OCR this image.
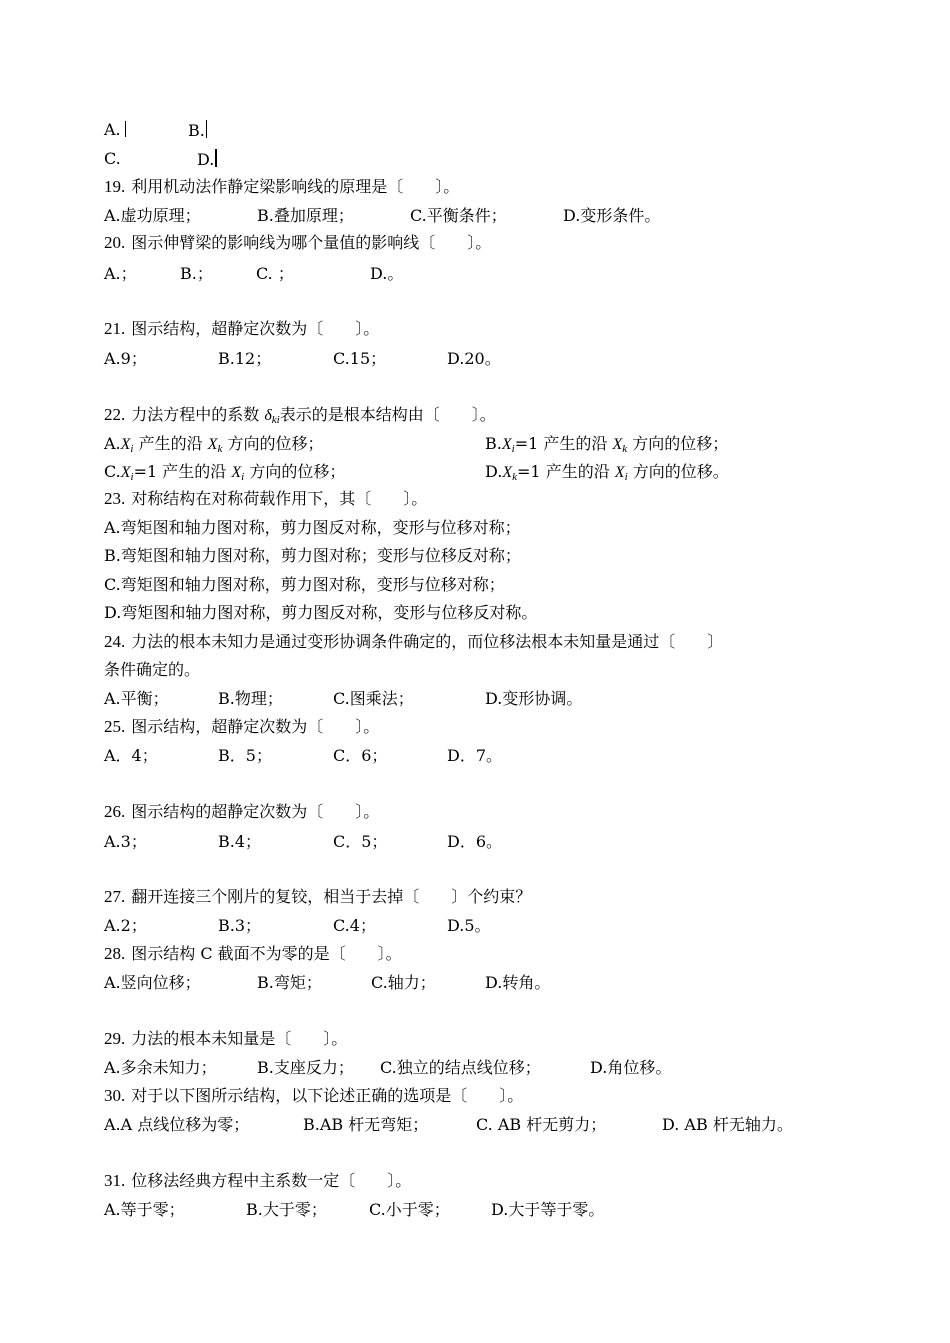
A.	B.
C.	D.
19. 利用机动法作静定梁影响线的原理是〔　　〕。
A.虚功原理；	B.叠加原理；	C.平衡条件；	D.变形条件。
20. 图示伸臂梁的影响线为哪个量值的影响线〔　　〕。
A.；	B.；	C. ；	D.。
21. 图示结构，超静定次数为〔　　〕。
A.9；	B.12；	C.15；	D.20。
22. 力法方程中的系数 $\delta_{ki}$表示的是根本结构由〔　　〕。
$A.X_i$ 产生的沿 $X_k$ 方向的位移；	$B.X_i=1$ 产生的沿 $X_k$ 方向的位移；
$C.X_i=1$ 产生的沿 $X_i$ 方向的位移；	$D.X_k=1$ 产生的沿 $X_i$ 方向的位移。
23. 对称结构在对称荷载作用下，其〔　　〕。
A.弯矩图和轴力图对称，剪力图反对称，变形与位移对称；
B.弯矩图和轴力图对称，剪力图对称；变形与位移反对称；
C.弯矩图和轴力图对称，剪力图对称，变形与位移对称；
D.弯矩图和轴力图对称，剪力图反对称，变形与位移反对称。
24. 力法的根本未知力是通过变形协调条件确定的，而位移法根本未知量是通过〔　　〕
条件确定的。
A.平衡；	B.物理；	C.图乘法；	D.变形协调。
25. 图示结构，超静定次数为〔　　〕。
A．4；	B．5；	C．6；	D．7。
26. 图示结构的超静定次数为〔　　〕。
A.3；	B.4；	C．5；	D．6。
27. 翻开连接三个刚片的复铰，相当于去掉〔　　〕个约束？
A.2；	B.3；	C.4；	D.5。
28. 图示结构 C 截面不为零的是〔　　〕。
A.竖向位移；	B.弯矩；	C.轴力；	D.转角。
29. 力法的根本未知量是〔　　〕。
A.多余未知力；	B.支座反力； C.独立的结点线位移；	D.角位移。
30. 对于以下图所示结构，以下论述正确的选项是〔　　〕。
A.A 点线位移为零；	B.AB 杆无弯矩；	C. AB 杆无剪力；	D. AB 杆无轴力。
31. 位移法经典方程中主系数一定〔　　〕。
A.等于零；	B.大于零；	C.小于零；	D.大于等于零。
